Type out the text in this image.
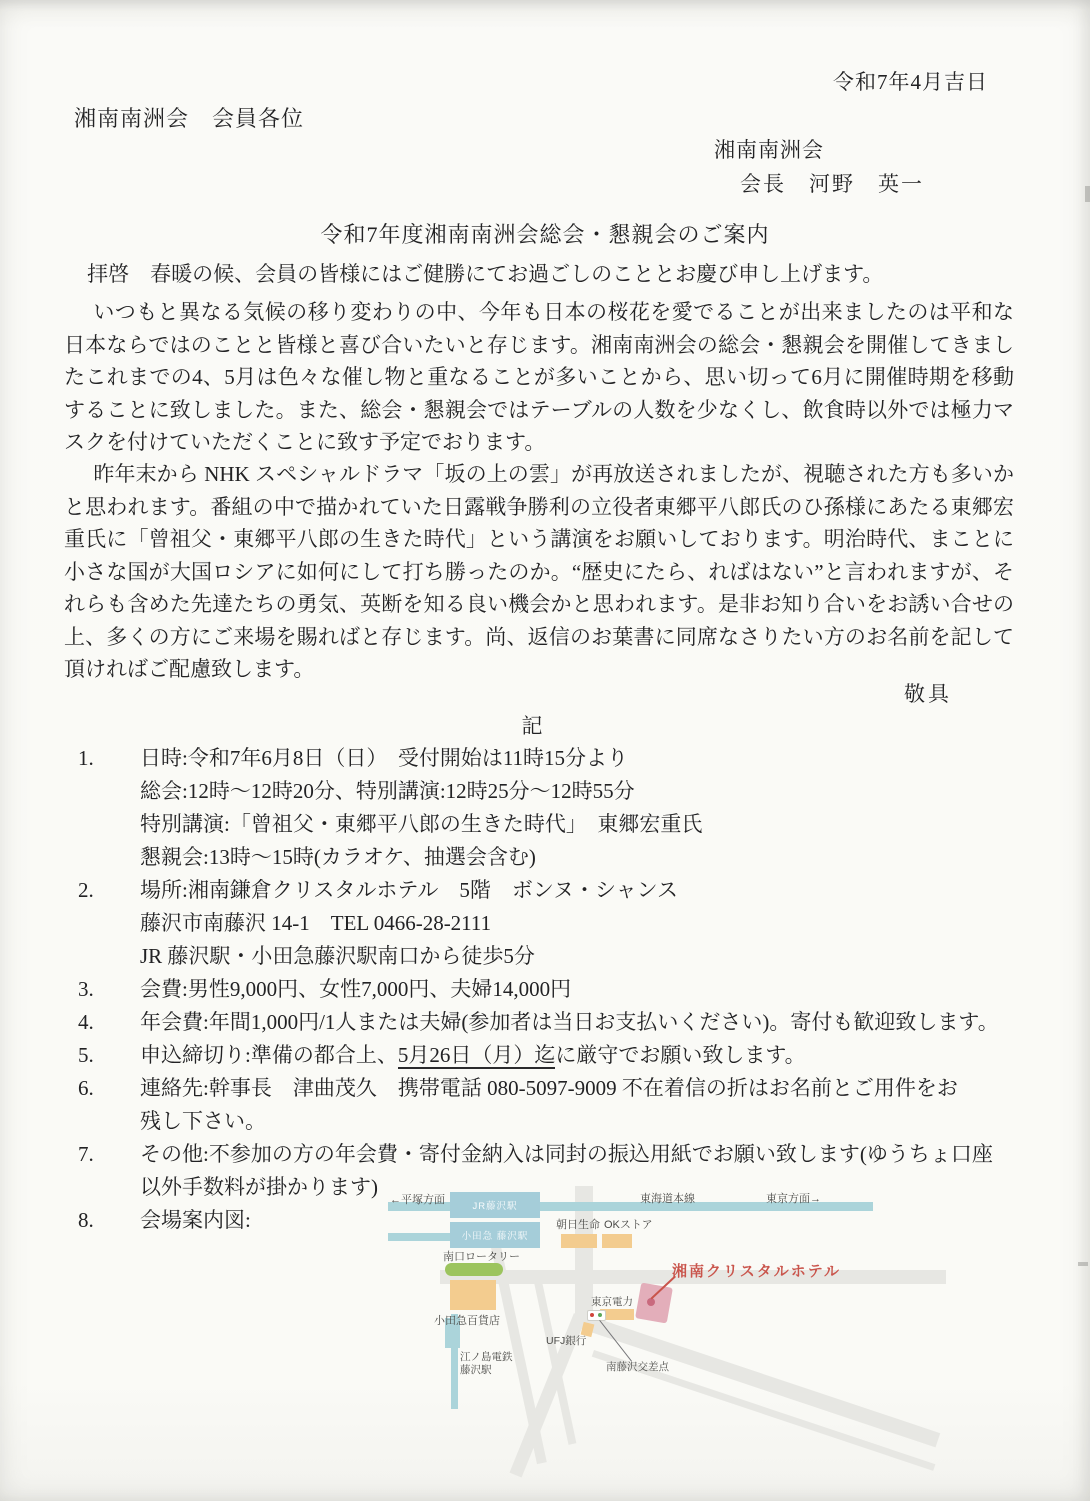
令和7年4月吉日
湘南南洲会　会員各位
湘南南洲会
会長　河野　英一
令和7年度湘南南洲会総会・懇親会のご案内
拝啓　春暖の候、会員の皆様にはご健勝にてお過ごしのこととお慶び申し上げます。
いつもと異なる気候の移り変わりの中、今年も日本の桜花を愛でることが出来ましたのは平和な日本ならではのことと皆様と喜び合いたいと存じます。湘南南洲会の総会・懇親会を開催してきましたこれまでの4、5月は色々な催し物と重なることが多いことから、思い切って6月に開催時期を移動することに致しました。また、総会・懇親会ではテーブルの人数を少なくし、飲食時以外では極力マスクを付けていただくことに致す予定でおります。
昨年末から NHK スペシャルドラマ「坂の上の雲」が再放送されましたが、視聴された方も多いかと思われます。番組の中で描かれていた日露戦争勝利の立役者東郷平八郎氏のひ孫様にあたる東郷宏重氏に「曾祖父・東郷平八郎の生きた時代」という講演をお願いしております。明治時代、まことに小さな国が大国ロシアに如何にして打ち勝ったのか。“歴史にたら、ればはない”と言われますが、それらも含めた先達たちの勇気、英断を知る良い機会かと思われます。是非お知り合いをお誘い合せの上、多くの方にご来場を賜ればと存じます。尚、返信のお葉書に同席なさりたい方のお名前を記して頂ければご配慮致します。
敬具
記
1.	日時:令和7年6月8日（日）　受付開始は11時15分より
総会:12時～12時20分、特別講演:12時25分～12時55分
特別講演:「曾祖父・東郷平八郎の生きた時代」　東郷宏重氏
懇親会:13時～15時(カラオケ、抽選会含む)
2.	場所:湘南鎌倉クリスタルホテル　5階　ボンヌ・シャンス
藤沢市南藤沢 14-1　TEL 0466-28-2111
JR 藤沢駅・小田急藤沢駅南口から徒歩5分
3.	会費:男性9,000円、女性7,000円、夫婦14,000円
4.	年会費:年間1,000円/1人または夫婦(参加者は当日お支払いください)。寄付も歓迎致します。
5.	申込締切り:準備の都合上、5月26日（月）迄に厳守でお願い致します。
6.	連絡先:幹事長　津曲茂久　携帯電話 080-5097-9009 不在着信の折はお名前とご用件をお
残し下さい。
7.	その他:不参加の方の年会費・寄付金納入は同封の振込用紙でお願い致します(ゆうちょ口座
以外手数料が掛かります)
8.	会場案内図:
←平塚方面	東海道本線	東京方面→
JR藤沢駅
小田急 藤沢駅
朝日生命 OKストア
南口ロータリー
小田急百貨店
江ノ島電鉄
藤沢駅
東京電力
UFJ銀行
南藤沢交差点
湘南クリスタルホテル
